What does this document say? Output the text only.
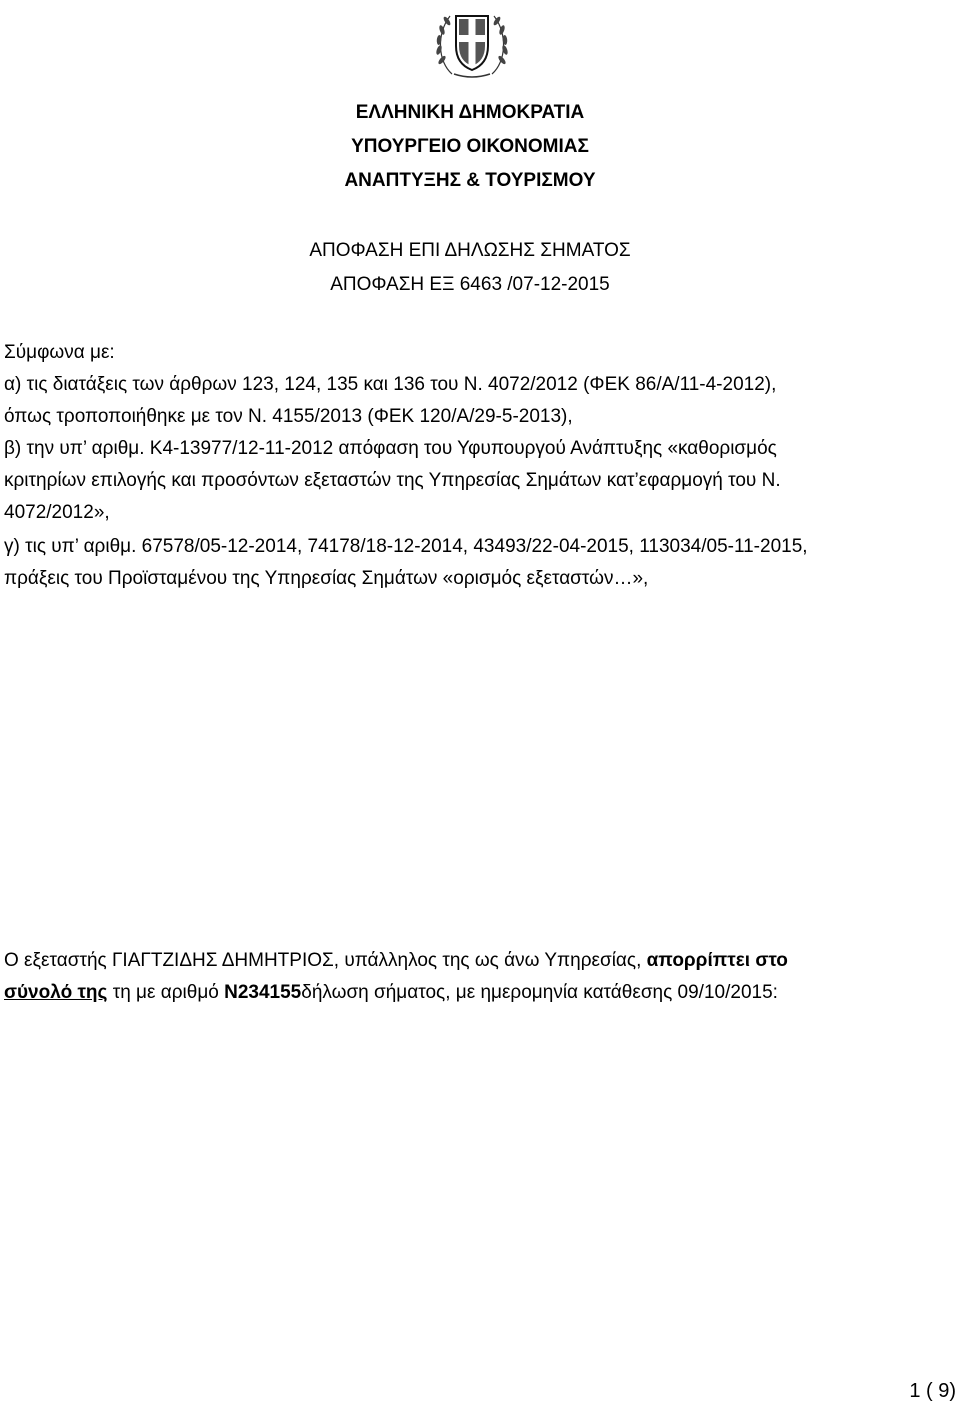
ΕΛΛΗΝΙΚΗ ΔΗΜΟΚΡΑΤΙΑ
ΥΠΟΥΡΓΕΙΟ ΟΙΚΟΝΟΜΙΑΣ
ΑΝΑΠΤΥΞΗΣ & ΤΟΥΡΙΣΜΟΥ
ΑΠΟΦΑΣΗ ΕΠΙ ΔΗΛΩΣΗΣ ΣΗΜΑΤΟΣ
ΑΠΟΦΑΣΗ ΕΞ 6463 /07-12-2015
Σύμφωνα με:
α) τις διατάξεις των άρθρων 123, 124, 135 και 136 του Ν. 4072/2012 (ΦΕΚ 86/Α/11-4-2012),
όπως τροποποιήθηκε με τον Ν. 4155/2013 (ΦΕΚ 120/Α/29-5-2013),
β) την υπ’ αριθμ. Κ4-13977/12-11-2012 απόφαση του Υφυπουργού Ανάπτυξης «καθορισμός
κριτηρίων επιλογής και προσόντων εξεταστών της Υπηρεσίας Σημάτων κατ’εφαρμογή του Ν.
4072/2012»,
γ) τις υπ’ αριθμ. 67578/05-12-2014, 74178/18-12-2014, 43493/22-04-2015, 113034/05-11-2015,
πράξεις του Προϊσταμένου της Υπηρεσίας Σημάτων «ορισμός εξεταστών…»,
Ο εξεταστής ΓΙΑΓΤΖΙΔΗΣ ΔΗΜΗΤΡΙΟΣ, υπάλληλος της ως άνω Υπηρεσίας, απορρίπτει στο
σύνολό της τη με αριθμό Ν234155δήλωση σήματος, με ημερομηνία κατάθεσης 09/10/2015:
1 ( 9)
